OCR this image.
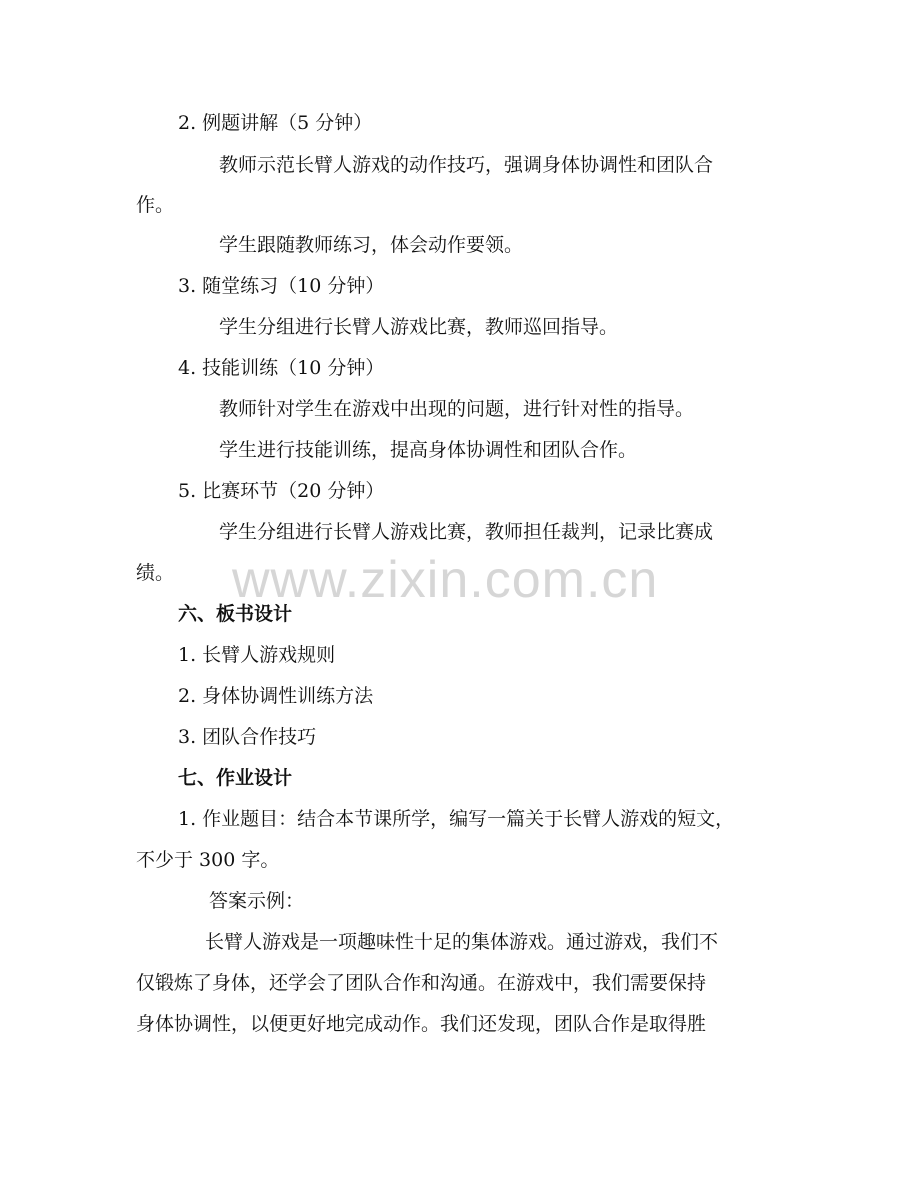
2. 例题讲解（5 分钟）
教师示范长臂人游戏的动作技巧，强调身体协调性和团队合
作。
学生跟随教师练习，体会动作要领。
3. 随堂练习（10 分钟）
学生分组进行长臂人游戏比赛，教师巡回指导。
4. 技能训练（10 分钟）
教师针对学生在游戏中出现的问题，进行针对性的指导。
学生进行技能训练，提高身体协调性和团队合作。
5. 比赛环节（20 分钟）
学生分组进行长臂人游戏比赛，教师担任裁判，记录比赛成
绩。
六、板书设计
1. 长臂人游戏规则
2. 身体协调性训练方法
3. 团队合作技巧
七、作业设计
1. 作业题目：结合本节课所学，编写一篇关于长臂人游戏的短文，
不少于 300 字。
答案示例：
长臂人游戏是一项趣味性十足的集体游戏。通过游戏，我们不
仅锻炼了身体，还学会了团队合作和沟通。在游戏中，我们需要保持
身体协调性，以便更好地完成动作。我们还发现，团队合作是取得胜
www.zixin.com.cn
